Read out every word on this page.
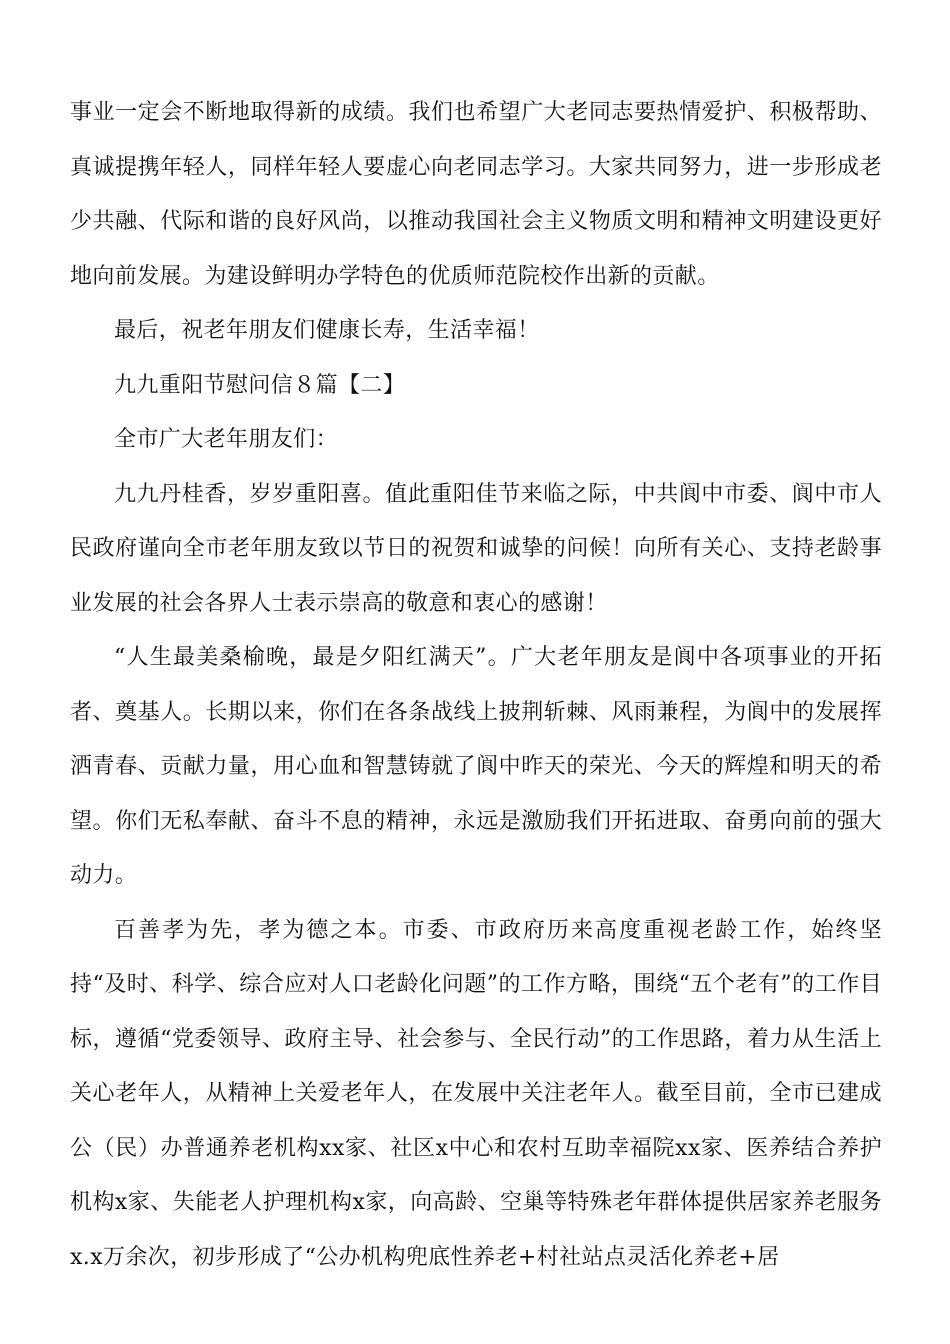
事业一定会不断地取得新的成绩。我们也希望广大老同志要热情爱护、积极帮助、真诚提携年轻人，同样年轻人要虚心向老同志学习。大家共同努力，进一步形成老少共融、代际和谐的良好风尚，以推动我国社会主义物质文明和精神文明建设更好地向前发展。为建设鲜明办学特色的优质师范院校作出新的贡献。

最后，祝老年朋友们健康长寿，生活幸福！

九九重阳节慰问信８篇【二】

全市广大老年朋友们：

九九丹桂香，岁岁重阳喜。值此重阳佳节来临之际，中共阆中市委、阆中市人民政府谨向全市老年朋友致以节日的祝贺和诚挚的问候！向所有关心、支持老龄事业发展的社会各界人士表示崇高的敬意和衷心的感谢！

“人生最美桑榆晚，最是夕阳红满天”。广大老年朋友是阆中各项事业的开拓者、奠基人。长期以来，你们在各条战线上披荆斩棘、风雨兼程，为阆中的发展挥洒青春、贡献力量，用心血和智慧铸就了阆中昨天的荣光、今天的辉煌和明天的希望。你们无私奉献、奋斗不息的精神，永远是激励我们开拓进取、奋勇向前的强大动力。

百善孝为先，孝为德之本。市委、市政府历来高度重视老龄工作，始终坚持“及时、科学、综合应对人口老龄化问题”的工作方略，围绕“五个老有”的工作目标，遵循“党委领导、政府主导、社会参与、全民行动”的工作思路，着力从生活上关心老年人，从精神上关爱老年人，在发展中关注老年人。截至目前，全市已建成公（民）办普通养老机构xx家、社区x中心和农村互助幸福院xx家、医养结合养护机构x家、失能老人护理机构x家，向高龄、空巢等特殊老年群体提供居家养老服务x.x万余次，初步形成了“公办机构兜底性养老+村社站点灵活化养老+居
